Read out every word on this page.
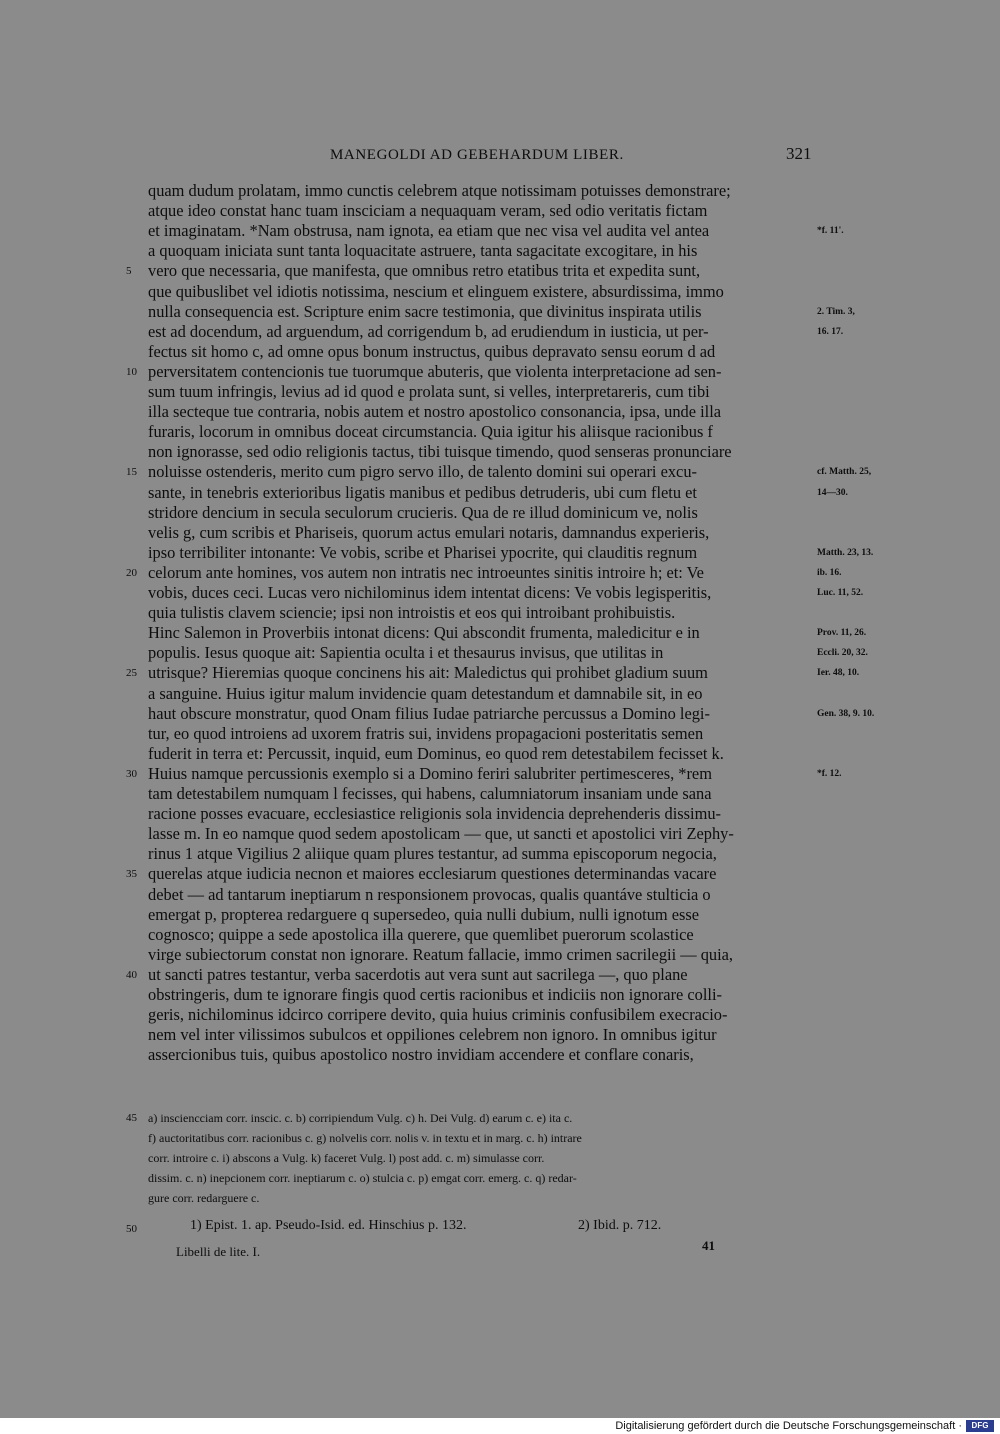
MANEGOLDI AD GEBEHARDUM LIBER.	321
quam dudum prolatam, immo cunctis celebrem atque notissimam potuisses demonstrare;
atque ideo constat hanc tuam insciciam a nequaquam veram, sed odio veritatis fictam
et imaginatam. *Nam obstrusa, nam ignota, ea etiam que nec visa vel audita vel antea
a quoquam iniciata sunt tanta loquacitate astruere, tanta sagacitate excogitare, in his
vero que necessaria, que manifesta, que omnibus retro etatibus trita et expedita sunt,
que quibuslibet vel idiotis notissima, nescium et elinguem existere, absurdissima, immo
nulla consequencia est. Scripture enim sacre testimonia, que divinitus inspirata utilis
est ad docendum, ad arguendum, ad corrigendum b, ad erudiendum in iusticia, ut per-
fectus sit homo c, ad omne opus bonum instructus, quibus depravato sensu eorum d ad
perversitatem contencionis tue tuorumque abuteris, que violenta interpretacione ad sen-
sum tuum infringis, levius ad id quod e prolata sunt, si velles, interpretareris, cum tibi
illa secteque tue contraria, nobis autem et nostro apostolico consonancia, ipsa, unde illa
furaris, locorum in omnibus doceat circumstancia. Quia igitur his aliisque racionibus f
non ignorasse, sed odio religionis tactus, tibi tuisque timendo, quod senseras pronunciare
noluisse ostenderis, merito cum pigro servo illo, de talento domini sui operari excu-
sante, in tenebris exterioribus ligatis manibus et pedibus detruderis, ubi cum fletu et
stridore dencium in secula seculorum crucieris. Qua de re illud dominicum ve, nolis
velis g, cum scribis et Phariseis, quorum actus emulari notaris, damnandus experieris,
ipso terribiliter intonante: Ve vobis, scribe et Pharisei ypocrite, qui clauditis regnum
celorum ante homines, vos autem non intratis nec introeuntes sinitis introire h; et: Ve
vobis, duces ceci. Lucas vero nichilominus idem intentat dicens: Ve vobis legisperitis,
quia tulistis clavem sciencie; ipsi non introistis et eos qui introibant prohibuistis.
Hinc Salemon in Proverbiis intonat dicens: Qui abscondit frumenta, maledicitur e in
populis. Iesus quoque ait: Sapientia oculta i et thesaurus invisus, que utilitas in
utrisque? Hieremias quoque concinens his ait: Maledictus qui prohibet gladium suum
a sanguine. Huius igitur malum invidencie quam detestandum et damnabile sit, in eo
haut obscure monstratur, quod Onam filius Iudae patriarche percussus a Domino legi-
tur, eo quod introiens ad uxorem fratris sui, invidens propagacioni posteritatis semen
fuderit in terra et: Percussit, inquid, eum Dominus, eo quod rem detestabilem fecisset k.
Huius namque percussionis exemplo si a Domino feriri salubriter pertimesceres, *rem
tam detestabilem numquam l fecisses, qui habens, calumniatorum insaniam unde sana
racione posses evacuare, ecclesiastice religionis sola invidencia deprehenderis dissimu-
lasse m. In eo namque quod sedem apostolicam — que, ut sancti et apostolici viri Zephy-
rinus 1 atque Vigilius 2 aliique quam plures testantur, ad summa episcoporum negocia,
querelas atque iudicia necnon et maiores ecclesiarum questiones determinandas vacare
debet — ad tantarum ineptiarum n responsionem provocas, qualis quantáve stulticia o
emergat p, propterea redarguere q supersedeo, quia nulli dubium, nulli ignotum esse
cognosco; quippe a sede apostolica illa querere, que quemlibet puerorum scolastice
virge subiectorum constat non ignorare. Reatum fallacie, immo crimen sacrilegii — quia,
ut sancti patres testantur, verba sacerdotis aut vera sunt aut sacrilega —, quo plane
obstringeris, dum te ignorare fingis quod certis racionibus et indiciis non ignorare colli-
geris, nichilominus idcirco corripere devito, quia huius criminis confusibilem execracio-
nem vel inter vilissimos subulcos et oppiliones celebrem non ignoro. In omnibus igitur
assercionibus tuis, quibus apostolico nostro invidiam accendere et conflare conaris,
5
10
15
20
25
30
35
40
*f. 11'.
2. Tim. 3,
16. 17.
cf. Matth. 25,
14—30.
Matth. 23, 13.
ib. 16.
Luc. 11, 52.
Prov. 11, 26.
Eccli. 20, 32.
Ier. 48, 10.
Gen. 38, 9. 10.
*f. 12.
45 a) insciencciam corr. inscic. c. b) corripiendum Vulg. c) h. Dei Vulg. d) earum c. e) ita c.
f) auctoritatibus corr. racionibus c. g) nolvelis corr. nolis v. in textu et in marg. c. h) intrare
corr. introire c. i) abscons a Vulg. k) faceret Vulg. l) post add. c. m) simulasse corr.
dissim. c. n) inepcionem corr. ineptiarum c. o) stulcia c. p) emgat corr. emerg. c. q) redar-
gure corr. redarguere c.
50	1) Epist. 1. ap. Pseudo-Isid. ed. Hinschius p. 132.	2) Ibid. p. 712.
Libelli de lite. I.	41
Digitalisierung gefördert durch die Deutsche Forschungsgemeinschaft ·	DFG
